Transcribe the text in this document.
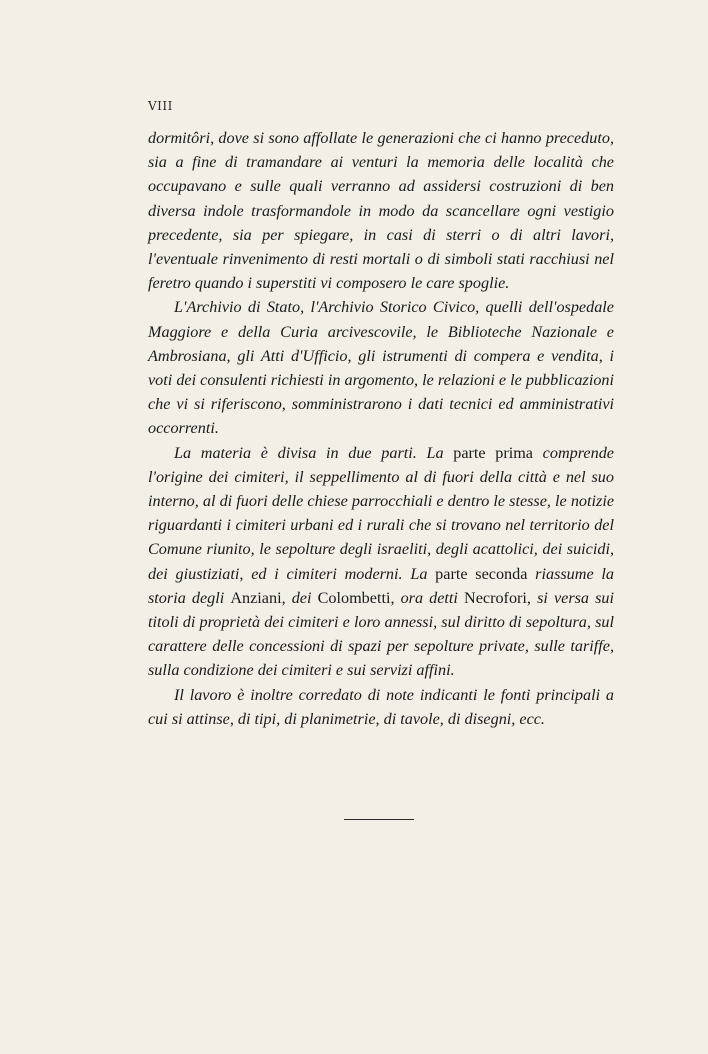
VIII

dormitôri, dove si sono affollate le generazioni che ci hanno preceduto, sia a fine di tramandare ai venturi la memoria delle località che occupavano e sulle quali verranno ad assidersi costruzioni di ben diversa indole trasformandole in modo da scancellare ogni vestigio precedente, sia per spiegare, in casi di sterri o di altri lavori, l'eventuale rinvenimento di resti mortali o di simboli stati racchiusi nel feretro quando i superstiti vi composero le care spoglie.

L'Archivio di Stato, l'Archivio Storico Civico, quelli dell'ospedale Maggiore e della Curia arcivescovile, le Biblioteche Nazionale e Ambrosiana, gli Atti d'Ufficio, gli istrumenti di compera e vendita, i voti dei consulenti richiesti in argomento, le relazioni e le pubblicazioni che vi si riferiscono, somministrarono i dati tecnici ed amministrativi occorrenti.

La materia è divisa in due parti. La parte prima comprende l'origine dei cimiteri, il seppellimento al di fuori della città e nel suo interno, al di fuori delle chiese parrocchiali e dentro le stesse, le notizie riguardanti i cimiteri urbani ed i rurali che si trovano nel territorio del Comune riunito, le sepolture degli israeliti, degli acattolici, dei suicidi, dei giustiziati, ed i cimiteri moderni. La parte seconda riassume la storia degli Anziani, dei Colombetti, ora detti Necrofori, si versa sui titoli di proprietà dei cimiteri e loro annessi, sul diritto di sepoltura, sul carattere delle concessioni di spazi per sepolture private, sulle tariffe, sulla condizione dei cimiteri e sui servizi affini.

Il lavoro è inoltre corredato di note indicanti le fonti principali a cui si attinse, di tipi, di planimetrie, di tavole, di disegni, ecc.
